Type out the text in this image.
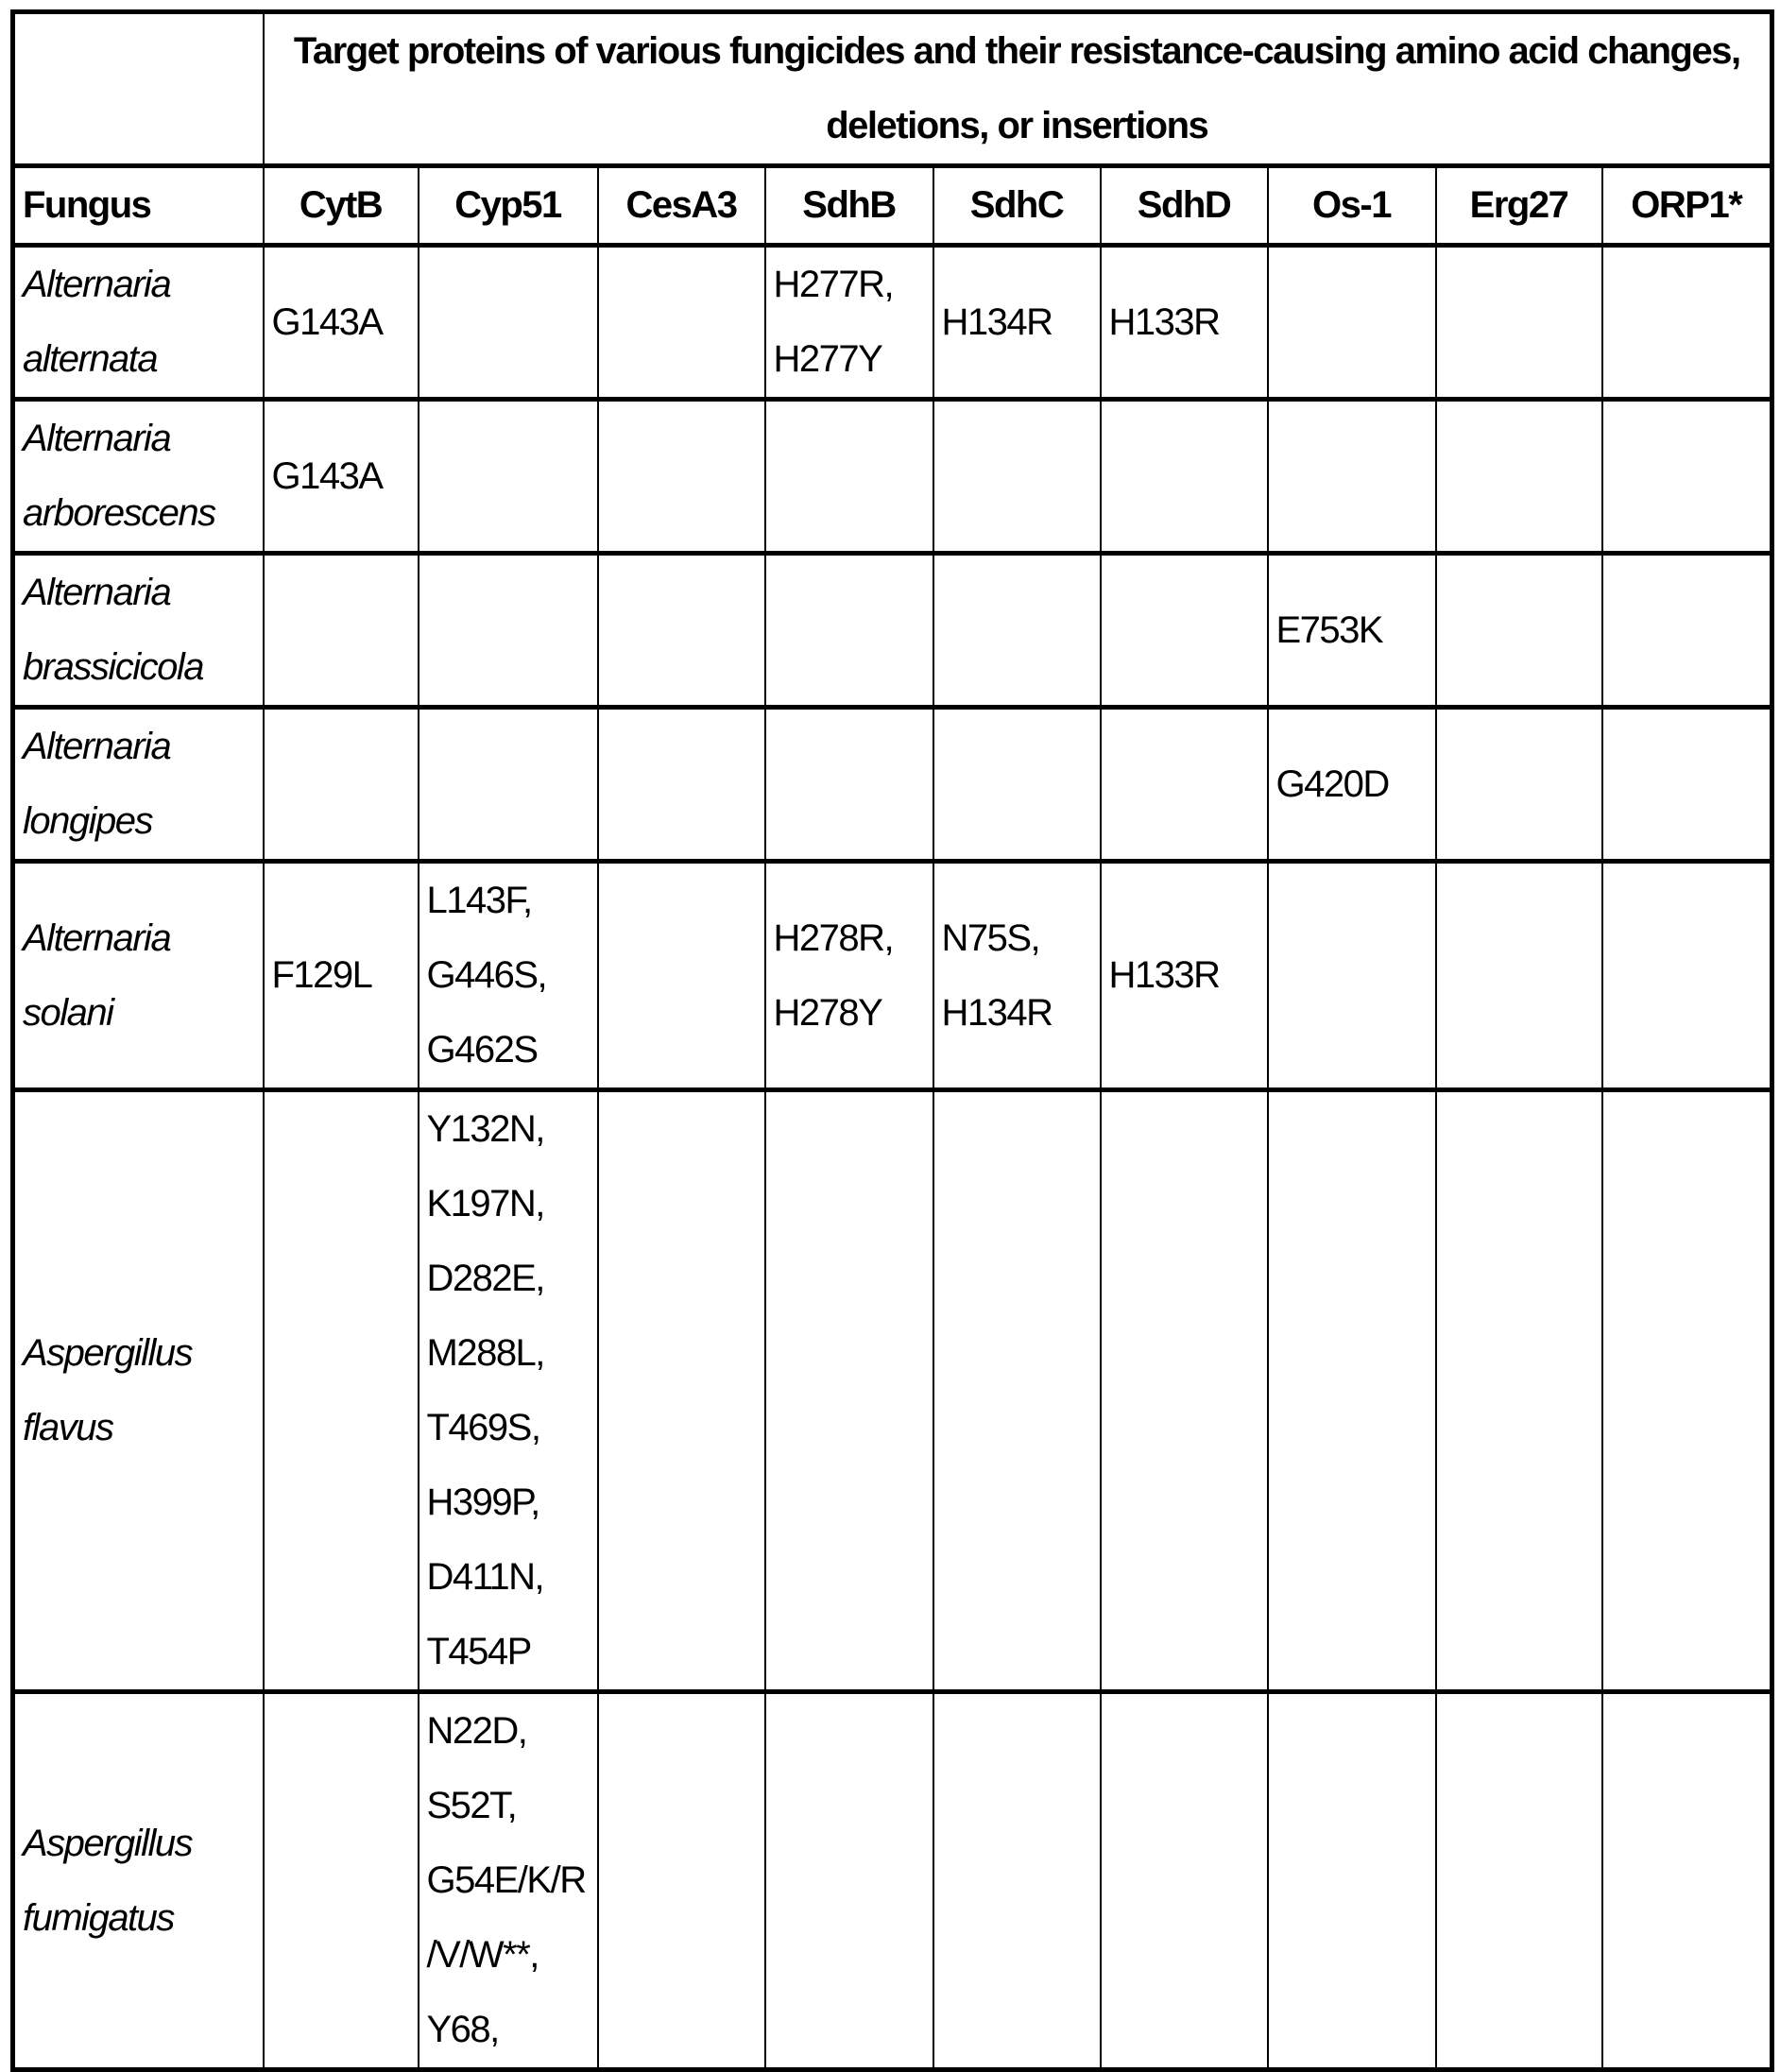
	Target proteins of various fungicides and their resistance-causing amino acid changes, deletions, or insertions
Fungus	CytB	Cyp51	CesA3	SdhB	SdhC	SdhD	Os-1	Erg27	ORP1*
Alternaria alternata	G143A			H277R,
H277Y	H134R	H133R			
Alternaria arborescens	G143A								
Alternaria brassicicola							E753K		
Alternaria longipes							G420D		
Alternaria solani	F129L	L143F,
G446S,
G462S		H278R,
H278Y	N75S,
H134R	H133R			
Aspergillus flavus		Y132N,
K197N,
D282E,
M288L,
T469S,
H399P,
D411N,
T454P							
Aspergillus fumigatus		N22D,
S52T,
G54E/K/R
/V/W**,
Y68,							
